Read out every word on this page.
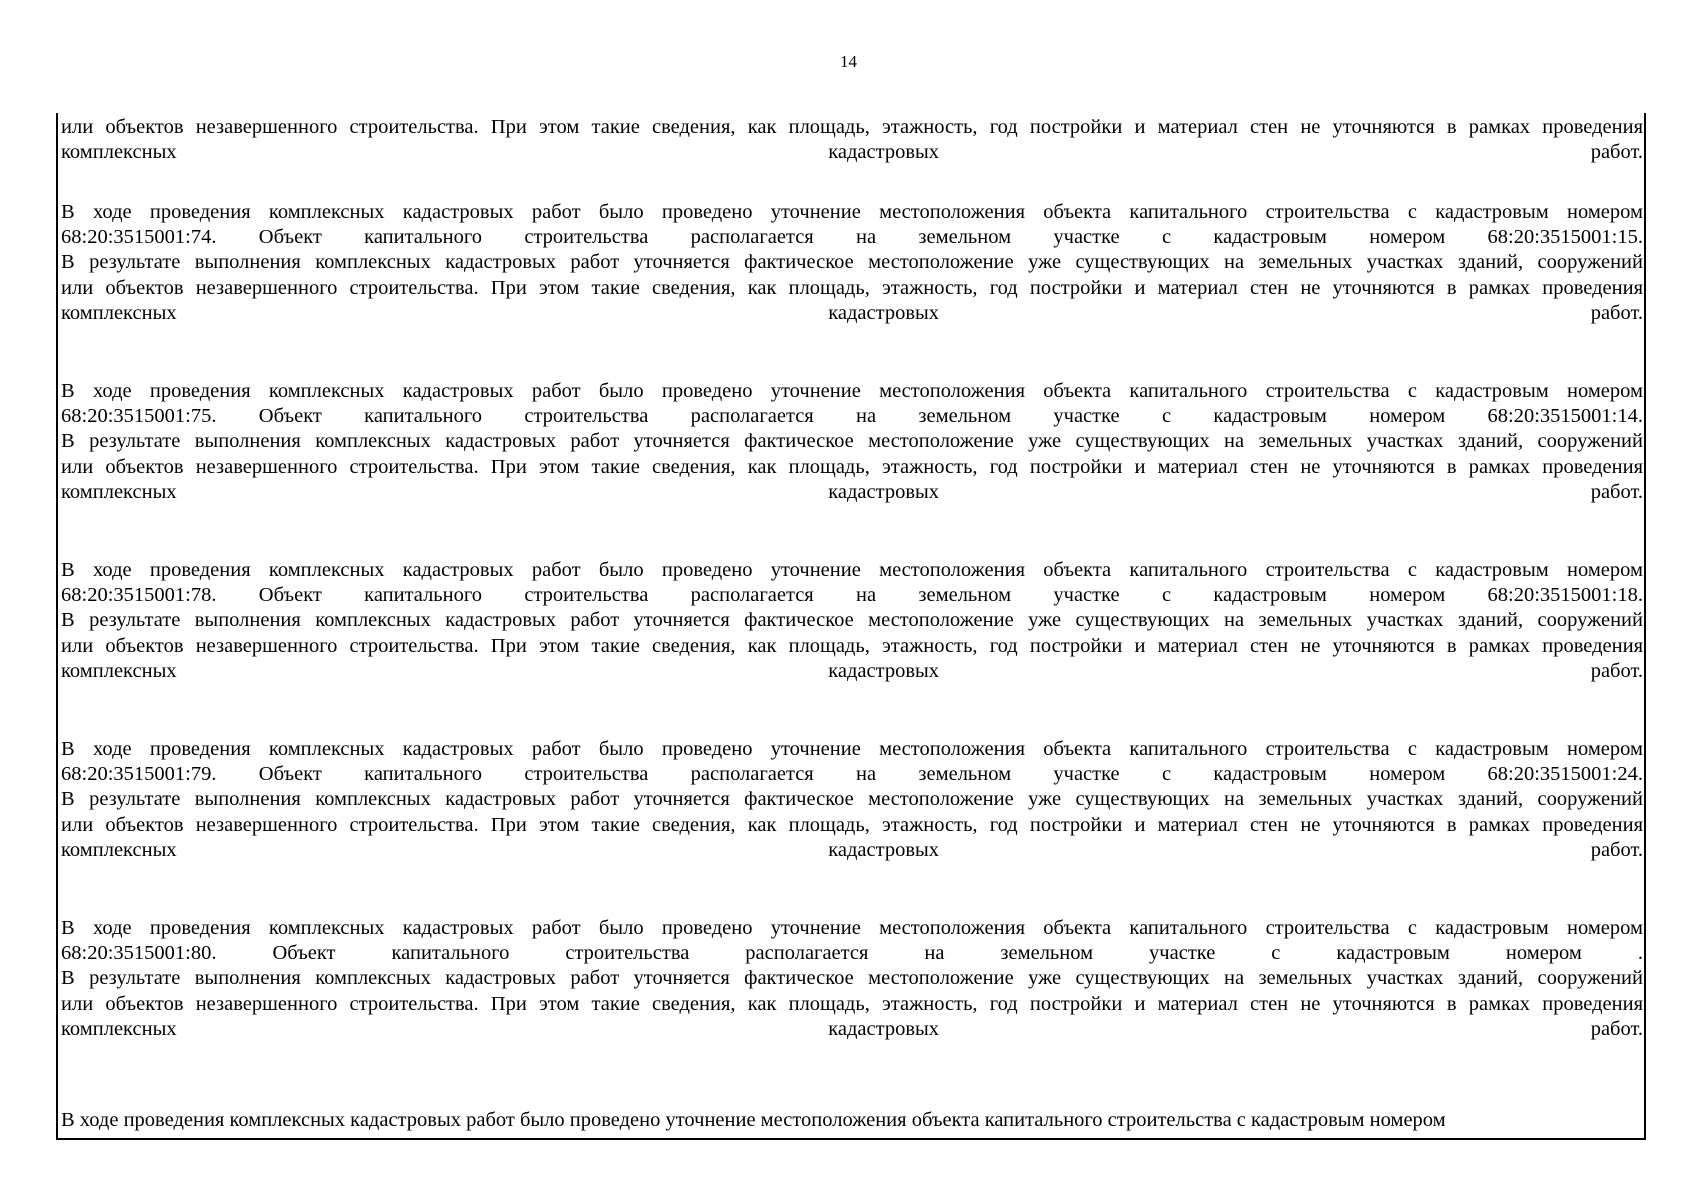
14
или объектов незавершенного строительства. При этом такие сведения, как площадь, этажность, год постройки и материал стен не уточняются в рамках проведения
комплексных кадастровых работ.
В ходе проведения комплексных кадастровых работ было проведено уточнение местоположения объекта капитального строительства с кадастровым номером
68:20:3515001:74. Объект капитального строительства располагается на земельном участке с кадастровым номером 68:20:3515001:15.
В результате выполнения комплексных кадастровых работ уточняется фактическое местоположение уже существующих на земельных участках зданий, сооружений
или объектов незавершенного строительства. При этом такие сведения, как площадь, этажность, год постройки и материал стен не уточняются в рамках проведения
комплексных кадастровых работ.
В ходе проведения комплексных кадастровых работ было проведено уточнение местоположения объекта капитального строительства с кадастровым номером
68:20:3515001:75. Объект капитального строительства располагается на земельном участке с кадастровым номером 68:20:3515001:14.
В результате выполнения комплексных кадастровых работ уточняется фактическое местоположение уже существующих на земельных участках зданий, сооружений
или объектов незавершенного строительства. При этом такие сведения, как площадь, этажность, год постройки и материал стен не уточняются в рамках проведения
комплексных кадастровых работ.
В ходе проведения комплексных кадастровых работ было проведено уточнение местоположения объекта капитального строительства с кадастровым номером
68:20:3515001:78. Объект капитального строительства располагается на земельном участке с кадастровым номером 68:20:3515001:18.
В результате выполнения комплексных кадастровых работ уточняется фактическое местоположение уже существующих на земельных участках зданий, сооружений
или объектов незавершенного строительства. При этом такие сведения, как площадь, этажность, год постройки и материал стен не уточняются в рамках проведения
комплексных кадастровых работ.
В ходе проведения комплексных кадастровых работ было проведено уточнение местоположения объекта капитального строительства с кадастровым номером
68:20:3515001:79. Объект капитального строительства располагается на земельном участке с кадастровым номером 68:20:3515001:24.
В результате выполнения комплексных кадастровых работ уточняется фактическое местоположение уже существующих на земельных участках зданий, сооружений
или объектов незавершенного строительства. При этом такие сведения, как площадь, этажность, год постройки и материал стен не уточняются в рамках проведения
комплексных кадастровых работ.
В ходе проведения комплексных кадастровых работ было проведено уточнение местоположения объекта капитального строительства с кадастровым номером
68:20:3515001:80. Объект капитального строительства располагается на земельном участке с кадастровым номером .
В результате выполнения комплексных кадастровых работ уточняется фактическое местоположение уже существующих на земельных участках зданий, сооружений
или объектов незавершенного строительства. При этом такие сведения, как площадь, этажность, год постройки и материал стен не уточняются в рамках проведения
комплексных кадастровых работ.
В ходе проведения комплексных кадастровых работ было проведено уточнение местоположения объекта капитального строительства с кадастровым номером
